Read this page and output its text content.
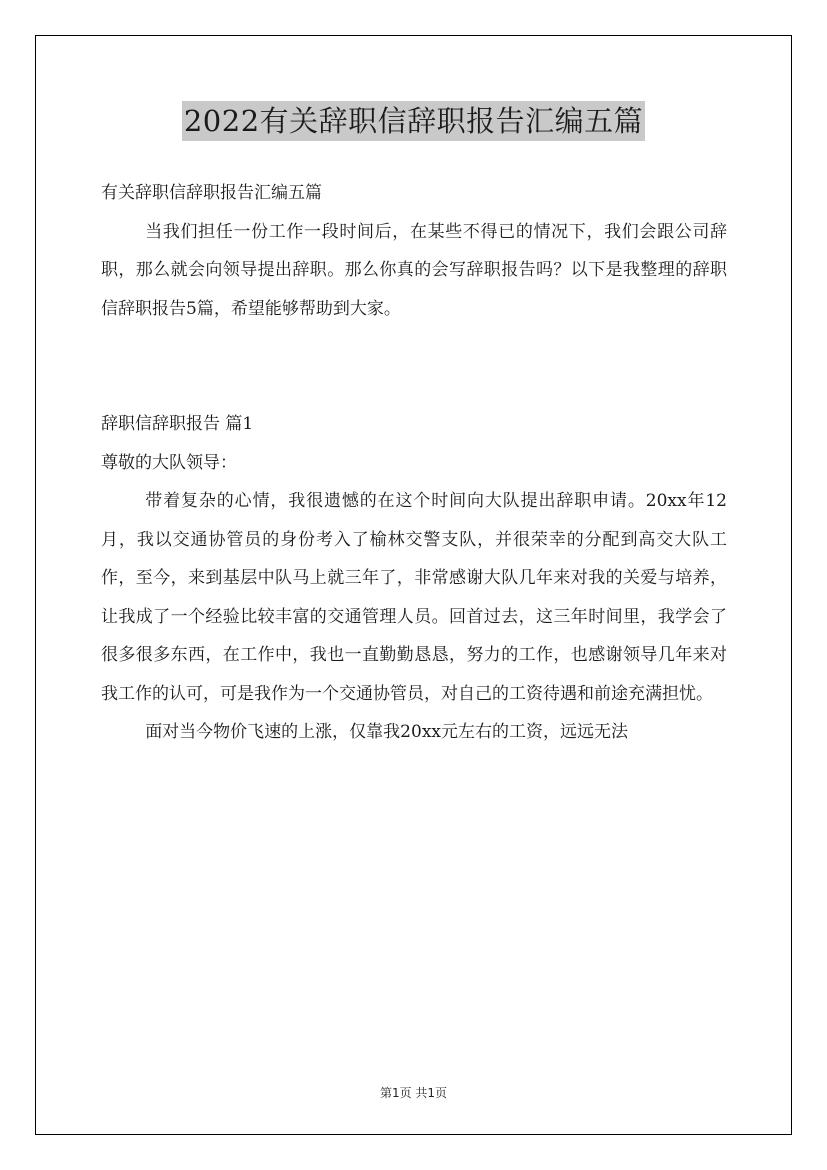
2022有关辞职信辞职报告汇编五篇

有关辞职信辞职报告汇编五篇

当我们担任一份工作一段时间后，在某些不得已的情况下，我们会跟公司辞职，那么就会向领导提出辞职。那么你真的会写辞职报告吗？以下是我整理的辞职信辞职报告5篇，希望能够帮助到大家。

辞职信辞职报告 篇1

尊敬的大队领导：

带着复杂的心情，我很遗憾的在这个时间向大队提出辞职申请。20xx年12月，我以交通协管员的身份考入了榆林交警支队，并很荣幸的分配到高交大队工作，至今，来到基层中队马上就三年了，非常感谢大队几年来对我的关爱与培养，让我成了一个经验比较丰富的交通管理人员。回首过去，这三年时间里，我学会了很多很多东西，在工作中，我也一直勤勤恳恳，努力的工作，也感谢领导几年来对我工作的认可，可是我作为一个交通协管员，对自己的工资待遇和前途充满担忧。

面对当今物价飞速的上涨，仅靠我20xx元左右的工资，远远无法

第1页 共1页
